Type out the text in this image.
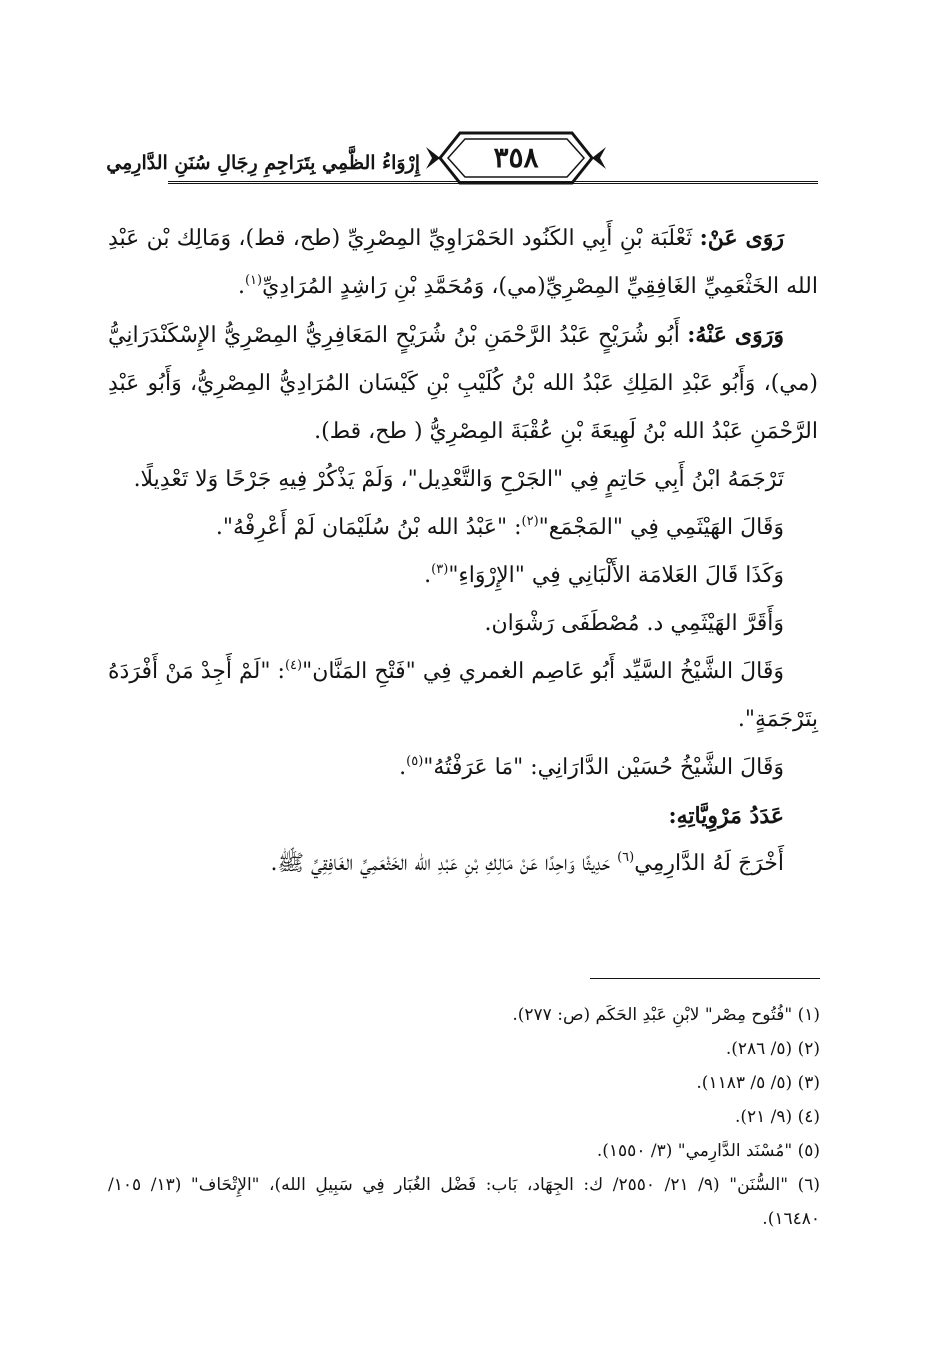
إِرْوَاءُ الظَّمِي بِتَرَاجِمِ رِجَالِ سُنَنِ الدَّارِمِي	٣٥٨

رَوَى عَنْ: ثَعْلَبَة بْنِ أَبِي الكَنُود الحَمْرَاوِيِّ المِصْرِيِّ (طح، قط)، وَمَالِك بْن عَبْدِ الله الخَثْعَمِيِّ الغَافِقِيِّ المِصْرِيِّ(مي)، وَمُحَمَّدِ بْنِ رَاشِدٍ المُرَادِيِّ$^{(١)}$.

وَرَوَى عَنْهُ: أَبُو شُرَيْحٍ عَبْدُ الرَّحْمَنِ بْنُ شُرَيْحٍ المَعَافِرِيُّ المِصْرِيُّ الإِسْكَنْدَرَانِيُّ (مي)، وَأَبُو عَبْدِ المَلِكِ عَبْدُ الله بْنُ كُلَيْبِ بْنِ كَيْسَان المُرَادِيُّ المِصْرِيُّ، وَأَبُو عَبْدِ الرَّحْمَنِ عَبْدُ الله بْنُ لَهِيعَةَ بْنِ عُقْبَةَ المِصْرِيُّ ( طح، قط).

تَرْجَمَهُ ابْنُ أَبِي حَاتِمٍ فِي "الجَرْحِ وَالتَّعْدِيل"، وَلَمْ يَذْكُرْ فِيهِ جَرْحًا وَلا تَعْدِيلًا.

وَقَالَ الهَيْثَمِي فِي "المَجْمَع"$^{(٢)}$: "عَبْدُ الله بْنُ سُلَيْمَان لَمْ أَعْرِفْهُ".

وَكَذَا قَالَ العَلامَة الأَلْبَانِي فِي "الإِرْوَاءِ"$^{(٣)}$.

وَأَقَرَّ الهَيْثَمِي د. مُصْطَفَى رَشْوَان.

وَقَالَ الشَّيْخُ السَّيِّد أَبُو عَاصِم الغمري فِي "فَتْحِ المَنَّان"$^{(٤)}$: "لَمْ أَجِدْ مَنْ أَفْرَدَهُ بِتَرْجَمَةٍ".

وَقَالَ الشَّيْخُ حُسَيْن الدَّارَانِي: "مَا عَرَفْتُهُ"$^{(٥)}$.

عَدَدُ مَرْوِيَّاتِهِ:

أَخْرَجَ لَهُ الدَّارِمِي$^{(٦)}$ حَدِيثًا وَاحِدًا عَنْ مَالِكِ بْنِ عَبْدِ الله الخَثْعَمِيِّ الغَافِقِيِّ ﷺ.

(١) "فُتُوح مِصْر" لابْنِ عَبْدِ الحَكَم (ص: ٢٧٧).

(٢) (٥/ ٢٨٦).

(٣) (٥/ ٥/ ١١٨٣).

(٤) (٩/ ٢١).

(٥) "مُسْنَد الدَّارِمي" (٣/ ١٥٥٠).

(٦) "السُّنَن" (٩/ ٢١/ ٢٥٥٠/ ك: الجِهَاد، بَاب: فَضْل الغُبَار فِي سَبِيلِ الله)، "الإِتْحَاف" (١٣/ ١٠٥/ ١٦٤٨٠).
